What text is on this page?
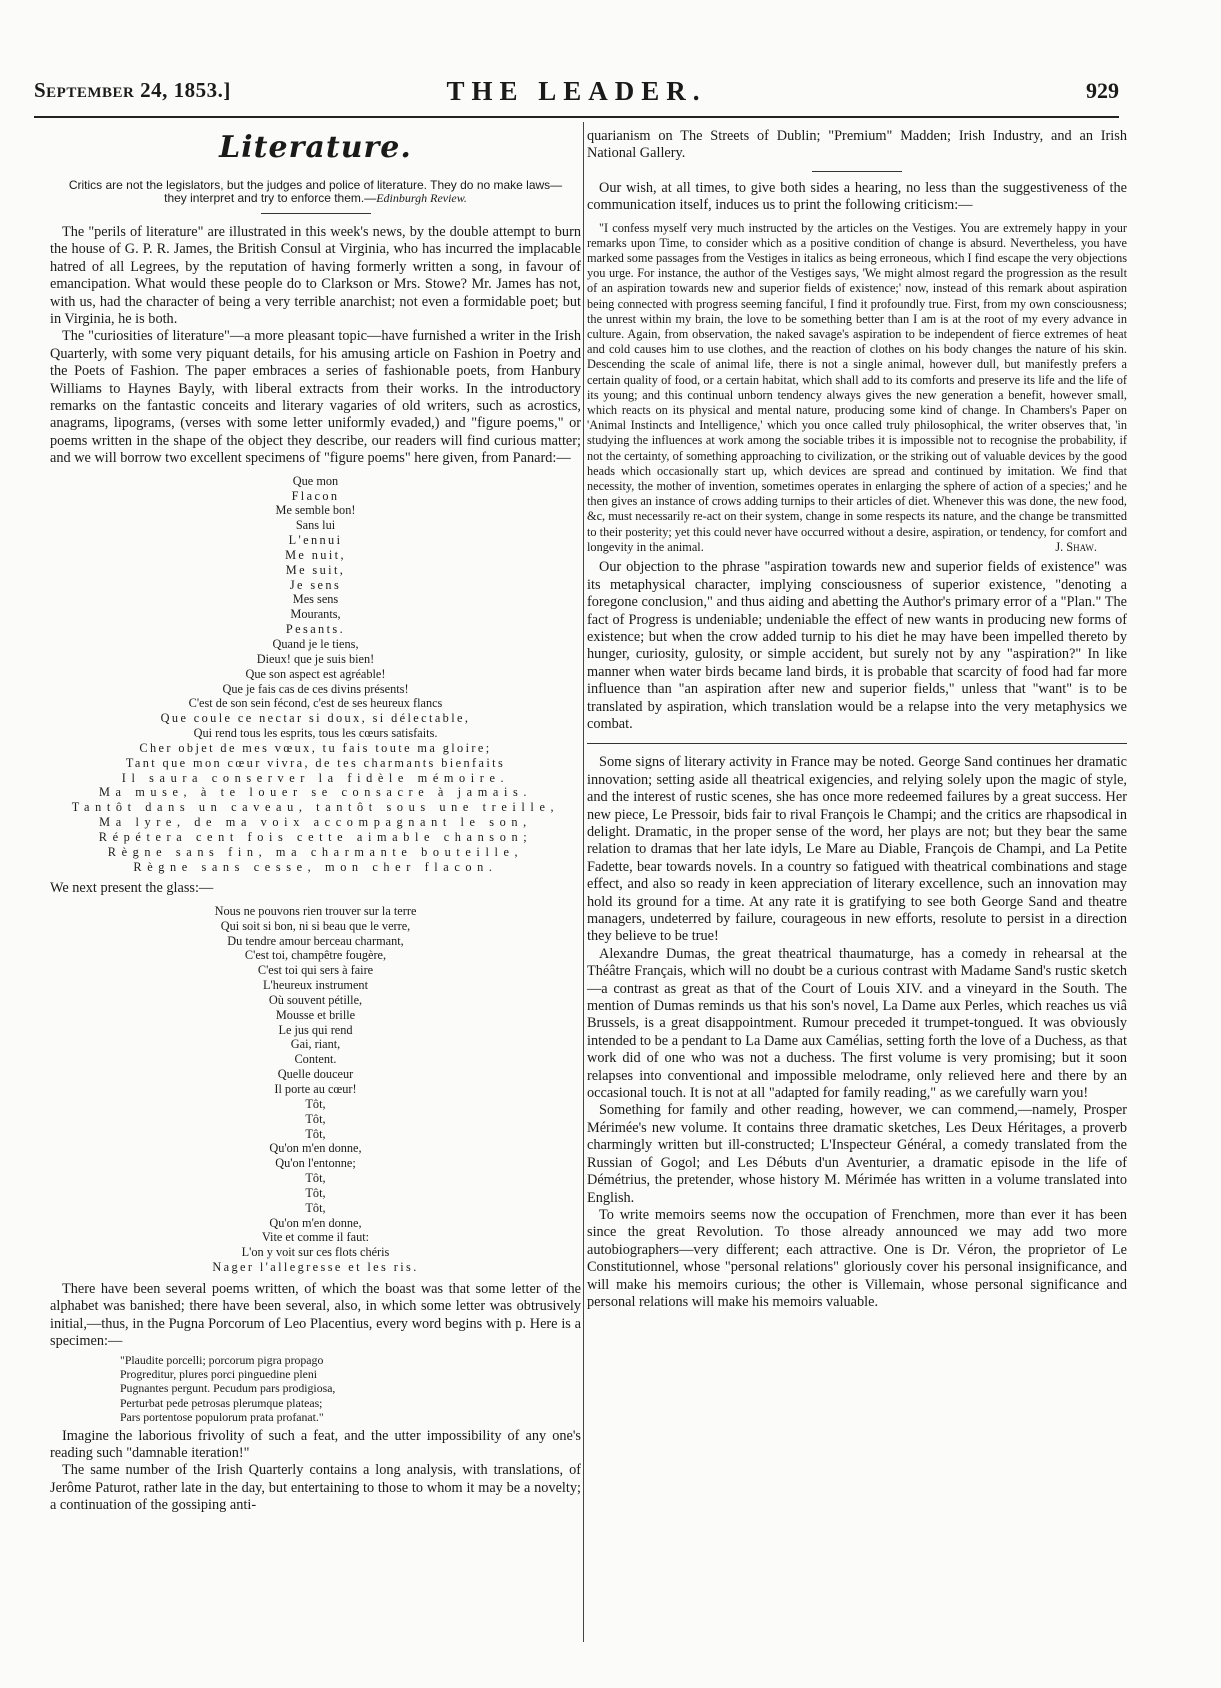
September 24, 1853.]	THE LEADER.	929
Literature.
Critics are not the legislators, but the judges and police of literature. They do no make laws—they interpret and try to enforce them.—Edinburgh Review.

The "perils of literature" are illustrated in this week's news, by the double attempt to burn the house of G. P. R. James, the British Consul at Virginia, who has incurred the implacable hatred of all Legrees, by the reputation of having formerly written a song, in favour of emancipation. What would these people do to Clarkson or Mrs. Stowe? Mr. James has not, with us, had the character of being a very terrible anarchist; not even a formidable poet; but in Virginia, he is both.

The "curiosities of literature"—a more pleasant topic—have furnished a writer in the Irish Quarterly, with some very piquant details, for his amusing article on Fashion in Poetry and the Poets of Fashion. The paper embraces a series of fashionable poets, from Hanbury Williams to Haynes Bayly, with liberal extracts from their works. In the introductory remarks on the fantastic conceits and literary vagaries of old writers, such as acrostics, anagrams, lipograms, (verses with some letter uniformly evaded,) and "figure poems," or poems written in the shape of the object they describe, our readers will find curious matter; and we will borrow two excellent specimens of "figure poems" here given, from Panard:—

Que mon
Flacon
Me semble bon!
Sans lui
L'ennui
Me nuit,
Me suit,
Je sens
Mes sens
Mourants,
Pesants.
Quand je le tiens,
Dieux! que je suis bien!
Que son aspect est agréable!
Que je fais cas de ces divins présents!
C'est de son sein fécond, c'est de ses heureux flancs
Que coule ce nectar si doux, si délectable,
Qui rend tous les esprits, tous les cœurs satisfaits.
Cher objet de mes vœux, tu fais toute ma gloire;
Tant que mon cœur vivra, de tes charmants bienfaits
Il saura conserver la fidèle mémoire.
Ma muse, à te louer se consacre à jamais.
Tantôt dans un caveau, tantôt sous une treille,
Ma lyre, de ma voix accompagnant le son,
Répétera cent fois cette aimable chanson;
Règne sans fin, ma charmante bouteille,
Règne sans cesse, mon cher flacon.

We next present the glass:—

Nous ne pouvons rien trouver sur la terre
Qui soit si bon, ni si beau que le verre,
Du tendre amour berceau charmant,
C'est toi, champêtre fougère,
C'est toi qui sers à faire
L'heureux instrument
Où souvent pétille,
Mousse et brille
Le jus qui rend
Gai, riant,
Content.
Quelle douceur
Il porte au cœur!
Tôt,
Tôt,
Tôt,
Qu'on m'en donne,
Qu'on l'entonne;
Tôt,
Tôt,
Tôt,
Qu'on m'en donne,
Vite et comme il faut:
L'on y voit sur ces flots chéris
Nager l'allegresse et les ris.

There have been several poems written, of which the boast was that some letter of the alphabet was banished; there have been several, also, in which some letter was obtrusively initial,—thus, in the Pugna Porcorum of Leo Placentius, every word begins with p. Here is a specimen:—

"Plaudite porcelli; porcorum pigra propago
Progreditur, plures porci pinguedine pleni
Pugnantes pergunt. Pecudum pars prodigiosa,
Perturbat pede petrosas plerumque plateas;
Pars portentose populorum prata profanat."

Imagine the laborious frivolity of such a feat, and the utter impossibility of any one's reading such "damnable iteration!"

The same number of the Irish Quarterly contains a long analysis, with translations, of Jerôme Paturot, rather late in the day, but entertaining to those to whom it may be a novelty; a continuation of the gossiping anti-

quarianism on The Streets of Dublin; "Premium" Madden; Irish Industry, and an Irish National Gallery.

Our wish, at all times, to give both sides a hearing, no less than the suggestiveness of the communication itself, induces us to print the following criticism:—

"I confess myself very much instructed by the articles on the Vestiges. You are extremely happy in your remarks upon Time, to consider which as a positive condition of change is absurd. Nevertheless, you have marked some passages from the Vestiges in italics as being erroneous, which I find escape the very objections you urge. For instance, the author of the Vestiges says, 'We might almost regard the progression as the result of an aspiration towards new and superior fields of existence;' now, instead of this remark about aspiration being connected with progress seeming fanciful, I find it profoundly true. First, from my own consciousness; the unrest within my brain, the love to be something better than I am is at the root of my every advance in culture. Again, from observation, the naked savage's aspiration to be independent of fierce extremes of heat and cold causes him to use clothes, and the reaction of clothes on his body changes the nature of his skin. Descending the scale of animal life, there is not a single animal, however dull, but manifestly prefers a certain quality of food, or a certain habitat, which shall add to its comforts and preserve its life and the life of its young; and this continual unborn tendency always gives the new generation a benefit, however small, which reacts on its physical and mental nature, producing some kind of change. In Chambers's Paper on 'Animal Instincts and Intelligence,' which you once called truly philosophical, the writer observes that, 'in studying the influences at work among the sociable tribes it is impossible not to recognise the probability, if not the certainty, of something approaching to civilization, or the striking out of valuable devices by the good heads which occasionally start up, which devices are spread and continued by imitation. We find that necessity, the mother of invention, sometimes operates in enlarging the sphere of action of a species;' and he then gives an instance of crows adding turnips to their articles of diet. Whenever this was done, the new food, &c, must necessarily re-act on their system, change in some respects its nature, and the change be transmitted to their posterity; yet this could never have occurred without a desire, aspiration, or tendency, for comfort and longevity in the animal.	J. Shaw.

Our objection to the phrase "aspiration towards new and superior fields of existence" was its metaphysical character, implying consciousness of superior existence, "denoting a foregone conclusion," and thus aiding and abetting the Author's primary error of a "Plan." The fact of Progress is undeniable; undeniable the effect of new wants in producing new forms of existence; but when the crow added turnip to his diet he may have been impelled thereto by hunger, curiosity, gulosity, or simple accident, but surely not by any "aspiration?" In like manner when water birds became land birds, it is probable that scarcity of food had far more influence than "an aspiration after new and superior fields," unless that "want" is to be translated by aspiration, which translation would be a relapse into the very metaphysics we combat.

Some signs of literary activity in France may be noted. George Sand continues her dramatic innovation; setting aside all theatrical exigencies, and relying solely upon the magic of style, and the interest of rustic scenes, she has once more redeemed failures by a great success. Her new piece, Le Pressoir, bids fair to rival François le Champi; and the critics are rhapsodical in delight. Dramatic, in the proper sense of the word, her plays are not; but they bear the same relation to dramas that her late idyls, Le Mare au Diable, François de Champi, and La Petite Fadette, bear towards novels. In a country so fatigued with theatrical combinations and stage effect, and also so ready in keen appreciation of literary excellence, such an innovation may hold its ground for a time. At any rate it is gratifying to see both George Sand and theatre managers, undeterred by failure, courageous in new efforts, resolute to persist in a direction they believe to be true!

Alexandre Dumas, the great theatrical thaumaturge, has a comedy in rehearsal at the Théâtre Français, which will no doubt be a curious contrast with Madame Sand's rustic sketch—a contrast as great as that of the Court of Louis XIV. and a vineyard in the South. The mention of Dumas reminds us that his son's novel, La Dame aux Perles, which reaches us viâ Brussels, is a great disappointment. Rumour preceded it trumpet-tongued. It was obviously intended to be a pendant to La Dame aux Camélias, setting forth the love of a Duchess, as that work did of one who was not a duchess. The first volume is very promising; but it soon relapses into conventional and impossible melodrame, only relieved here and there by an occasional touch. It is not at all "adapted for family reading," as we carefully warn you!

Something for family and other reading, however, we can commend,—namely, Prosper Mérimée's new volume. It contains three dramatic sketches, Les Deux Héritages, a proverb charmingly written but ill-constructed; L'Inspecteur Général, a comedy translated from the Russian of Gogol; and Les Débuts d'un Aventurier, a dramatic episode in the life of Démétrius, the pretender, whose history M. Mérimée has written in a volume translated into English.

To write memoirs seems now the occupation of Frenchmen, more than ever it has been since the great Revolution. To those already announced we may add two more autobiographers—very different; each attractive. One is Dr. Véron, the proprietor of Le Constitutionnel, whose "personal relations" gloriously cover his personal insignificance, and will make his memoirs curious; the other is Villemain, whose personal significance and personal relations will make his memoirs valuable.
